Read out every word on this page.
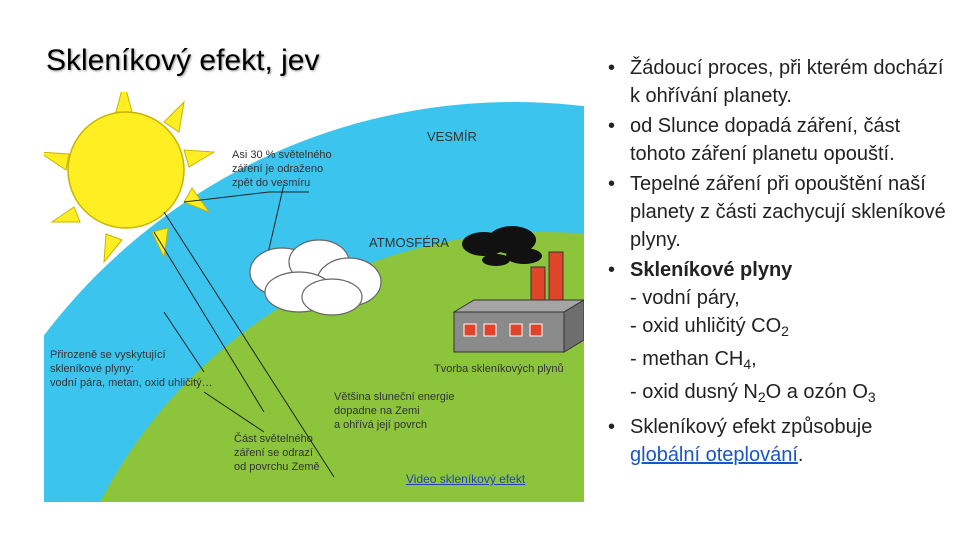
Skleníkový efekt, jev
VESMÍR
ATMOSFÉRA
Asi 30 % světelného
záření je odraženo
zpět do vesmíru
Přirozeně se vyskytující
skleníkové plyny:
vodní pára, metan, oxid uhličitý…
Tvorba skleníkových plynů
Většina sluneční energie
dopadne na Zemi
a ohřívá její povrch
Část světelného
záření se odrazí
od povrchu Země
Video skleníkový efekt
• Žádoucí proces, při kterém dochází k ohřívání planety.
• od Slunce dopadá záření, část tohoto záření planetu opouští.
• Tepelné záření při opouštění naší planety z části zachycují skleníkové plyny.
• Skleníkové plyny
- vodní páry,
- oxid uhličitý $CO_2$
- methan $CH_4$,
- oxid dusný $N_2O$ a ozón $O_3$
• Skleníkový efekt způsobuje globální oteplování.
